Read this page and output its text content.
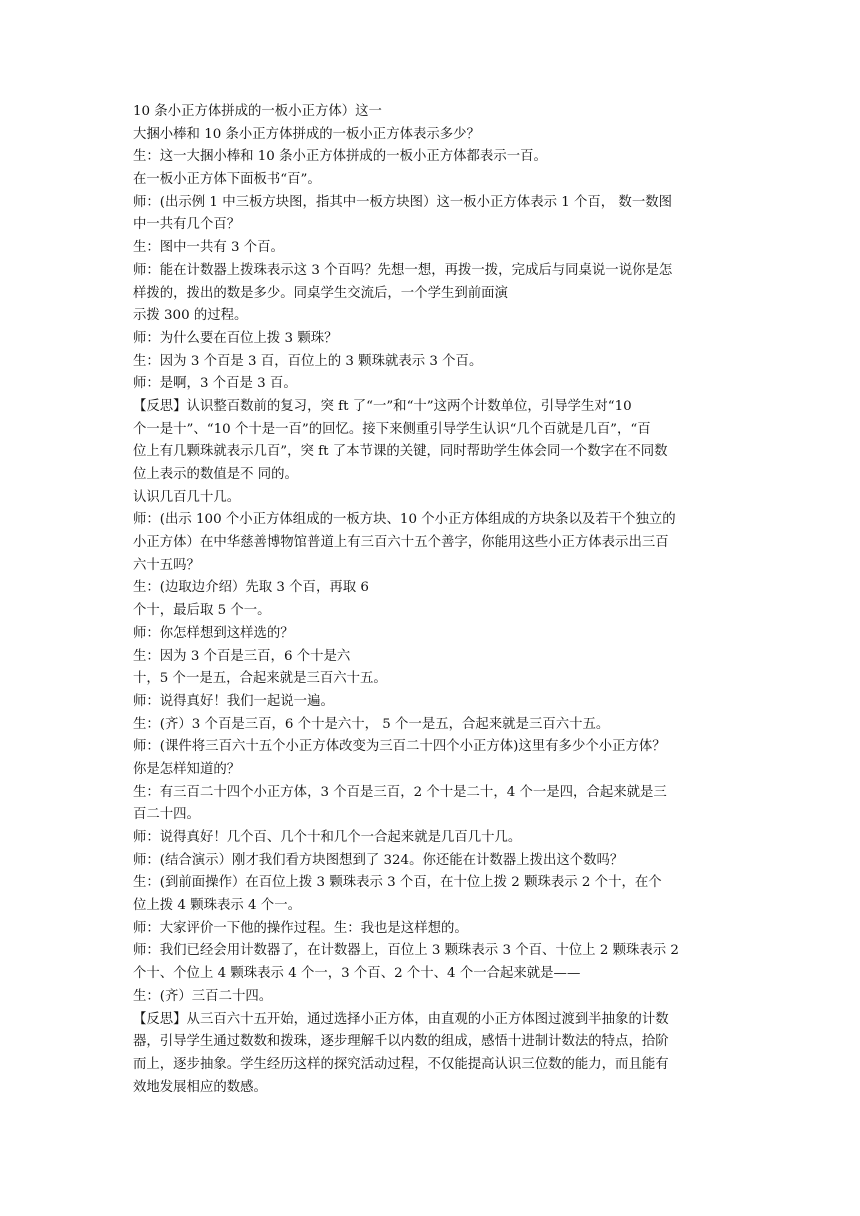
10 条小正方体拼成的一板小正方体）这一
大捆小棒和 10 条小正方体拼成的一板小正方体表示多少？
生：这一大捆小棒和 10 条小正方体拼成的一板小正方体都表示一百。
在一板小正方体下面板书“百”。
师：(出示例 1 中三板方块图，指其中一板方块图）这一板小正方体表示 1 个百， 数一数图
中一共有几个百？
生：图中一共有 3 个百。
师：能在计数器上拨珠表示这 3 个百吗？先想一想，再拨一拨，完成后与同桌说一说你是怎
样拨的，拨出的数是多少。同桌学生交流后，一个学生到前面演
示拨 300 的过程。
师：为什么要在百位上拨 3 颗珠？
生：因为 3 个百是 3 百，百位上的 3 颗珠就表示 3 个百。
师：是啊，3 个百是 3 百。
【反思】认识整百数前的复习，突 ft 了“一”和“十”这两个计数单位，引导学生对“10
个一是十”、“10 个十是一百”的回忆。接下来侧重引导学生认识“几个百就是几百”，“百
位上有几颗珠就表示几百”，突 ft 了本节课的关键，同时帮助学生体会同一个数字在不同数
位上表示的数值是不 同的。
认识几百几十几。
师：(出示 100 个小正方体组成的一板方块、10 个小正方体组成的方块条以及若干个独立的
小正方体）在中华慈善博物馆普道上有三百六十五个善字，你能用这些小正方体表示出三百
六十五吗？
生：(边取边介绍）先取 3 个百，再取 6
个十，最后取 5 个一。
师：你怎样想到这样选的？
生：因为 3 个百是三百，6 个十是六
十，5 个一是五，合起来就是三百六十五。
师：说得真好！我们一起说一遍。
生：(齐）3 个百是三百，6 个十是六十， 5 个一是五，合起来就是三百六十五。
师：(课件将三百六十五个小正方体改变为三百二十四个小正方体)这里有多少个小正方体？
你是怎样知道的？
生：有三百二十四个小正方体，3 个百是三百，2 个十是二十，4 个一是四，合起来就是三
百二十四。
师：说得真好！几个百、几个十和几个一合起来就是几百几十几。
师：(结合演示）刚才我们看方块图想到了 324。你还能在计数器上拨出这个数吗？
生：(到前面操作）在百位上拨 3 颗珠表示 3 个百，在十位上拨 2 颗珠表示 2 个十，在个
位上拨 4 颗珠表示 4 个一。
师：大家评价一下他的操作过程。生：我也是这样想的。
师：我们已经会用计数器了，在计数器上，百位上 3 颗珠表示 3 个百、十位上 2 颗珠表示 2
个十、个位上 4 颗珠表示 4 个一，3 个百、2 个十、4 个一合起来就是——
生：(齐）三百二十四。
【反思】从三百六十五开始，通过选择小正方体，由直观的小正方体图过渡到半抽象的计数
器，引导学生通过数数和拨珠，逐步理解千以内数的组成，感悟十进制计数法的特点，拾阶
而上，逐步抽象。学生经历这样的探究活动过程，不仅能提高认识三位数的能力，而且能有
效地发展相应的数感。
